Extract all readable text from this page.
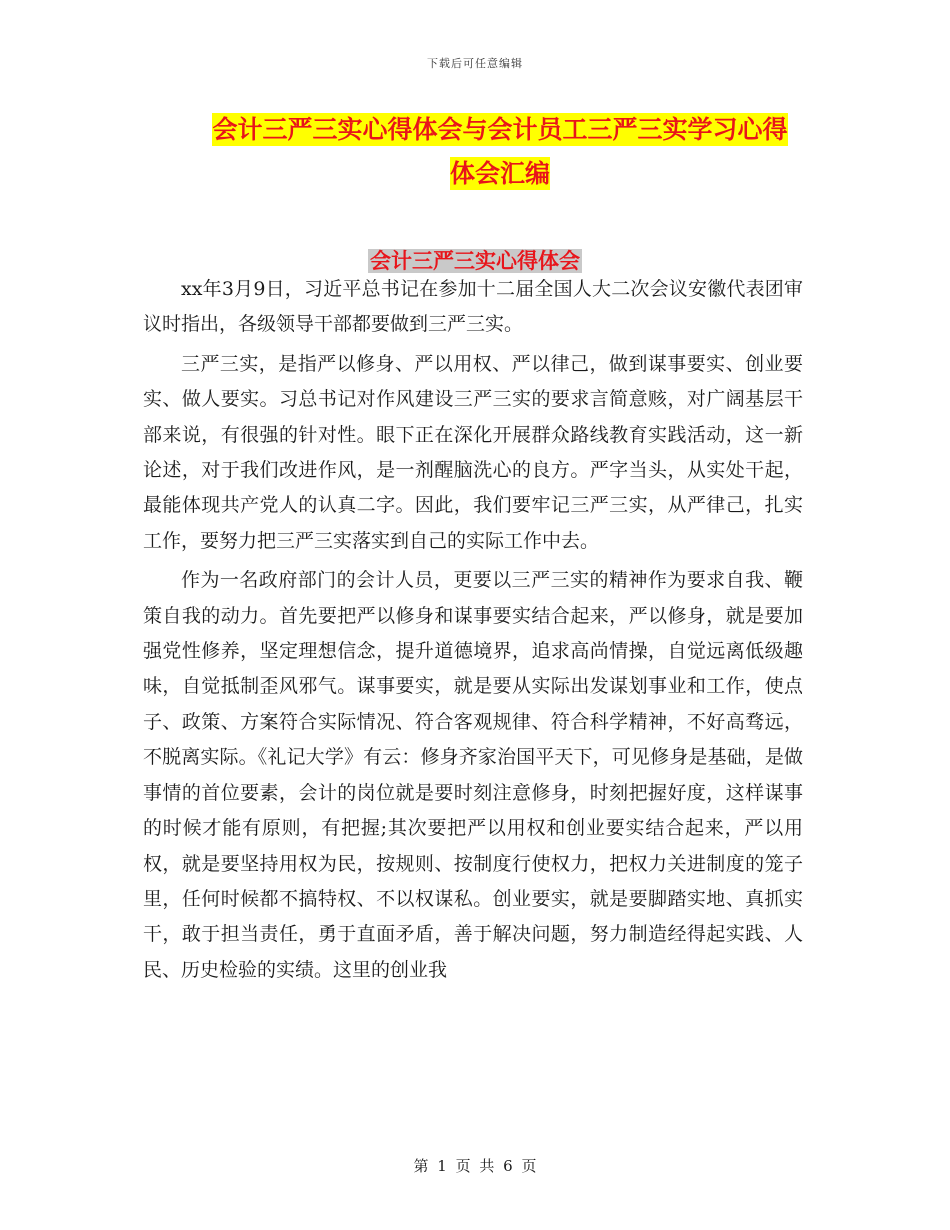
下载后可任意编辑
会计三严三实心得体会与会计员工三严三实学习心得
体会汇编
会计三严三实心得体会

xx年3月9日，习近平总书记在参加十二届全国人大二次会议安徽代表团审议时指出，各级领导干部都要做到三严三实。

三严三实，是指严以修身、严以用权、严以律己，做到谋事要实、创业要实、做人要实。习总书记对作风建设三严三实的要求言简意赅，对广阔基层干部来说，有很强的针对性。眼下正在深化开展群众路线教育实践活动，这一新论述，对于我们改进作风，是一剂醒脑洗心的良方。严字当头，从实处干起，最能体现共产党人的认真二字。因此，我们要牢记三严三实，从严律己，扎实工作，要努力把三严三实落实到自己的实际工作中去。

作为一名政府部门的会计人员，更要以三严三实的精神作为要求自我、鞭策自我的动力。首先要把严以修身和谋事要实结合起来，严以修身，就是要加强党性修养，坚定理想信念，提升道德境界，追求高尚情操，自觉远离低级趣味，自觉抵制歪风邪气。谋事要实，就是要从实际出发谋划事业和工作，使点子、政策、方案符合实际情况、符合客观规律、符合科学精神，不好高骛远，不脱离实际。《礼记大学》有云：修身齐家治国平天下，可见修身是基础，是做事情的首位要素，会计的岗位就是要时刻注意修身，时刻把握好度，这样谋事的时候才能有原则，有把握;其次要把严以用权和创业要实结合起来，严以用权，就是要坚持用权为民，按规则、按制度行使权力，把权力关进制度的笼子里，任何时候都不搞特权、不以权谋私。创业要实，就是要脚踏实地、真抓实干，敢于担当责任，勇于直面矛盾，善于解决问题，努力制造经得起实践、人民、历史检验的实绩。这里的创业我

第 1 页 共 6 页
